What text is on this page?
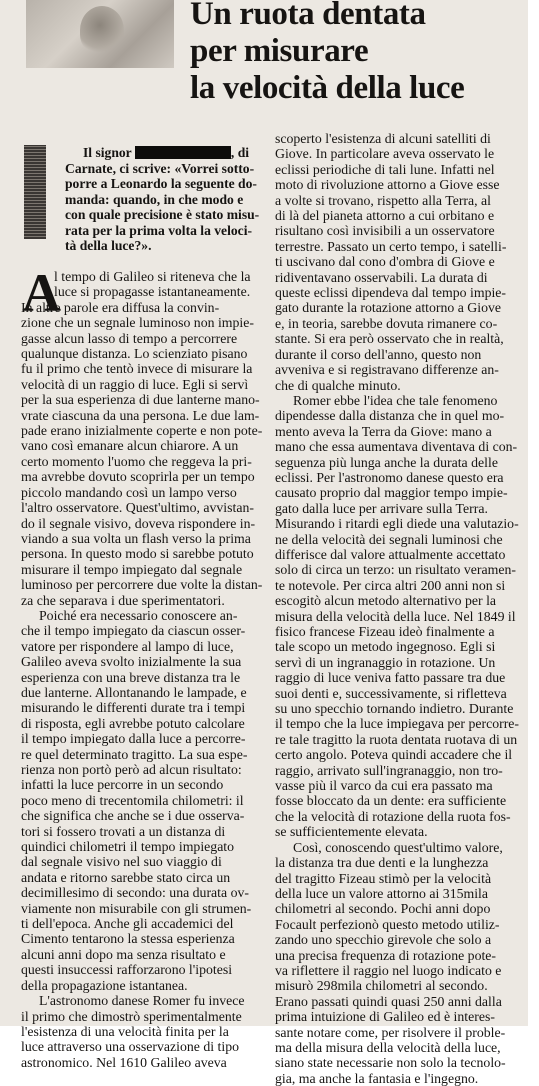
Un ruota dentata
per misurare
la velocità della luce
Il signor	, di
Carnate, ci scrive: «Vorrei sotto-
porre a Leonardo la seguente do-
manda: quando, in che modo e
con quale precisione è stato misu-
rata per la prima volta la veloci-
tà della luce?».
A
l tempo di Galileo si riteneva che la
luce si propagasse istantaneamente.
In altre parole era diffusa la convin-
zione che un segnale luminoso non impie-
gasse alcun lasso di tempo a percorrere
qualunque distanza. Lo scienziato pisano
fu il primo che tentò invece di misurare la
velocità di un raggio di luce. Egli si servì
per la sua esperienza di due lanterne mano-
vrate ciascuna da una persona. Le due lam-
pade erano inizialmente coperte e non pote-
vano così emanare alcun chiarore. A un
certo momento l'uomo che reggeva la pri-
ma avrebbe dovuto scoprirla per un tempo
piccolo mandando così un lampo verso
l'altro osservatore. Quest'ultimo, avvistan-
do il segnale visivo, doveva rispondere in-
viando a sua volta un flash verso la prima
persona. In questo modo si sarebbe potuto
misurare il tempo impiegato dal segnale
luminoso per percorrere due volte la distan-
za che separava i due sperimentatori.
Poiché era necessario conoscere an-
che il tempo impiegato da ciascun osser-
vatore per rispondere al lampo di luce,
Galileo aveva svolto inizialmente la sua
esperienza con una breve distanza tra le
due lanterne. Allontanando le lampade, e
misurando le differenti durate tra i tempi
di risposta, egli avrebbe potuto calcolare
il tempo impiegato dalla luce a percorre-
re quel determinato tragitto. La sua espe-
rienza non portò però ad alcun risultato:
infatti la luce percorre in un secondo
poco meno di trecentomila chilometri: il
che significa che anche se i due osserva-
tori si fossero trovati a un distanza di
quindici chilometri il tempo impiegato
dal segnale visivo nel suo viaggio di
andata e ritorno sarebbe stato circa un
decimillesimo di secondo: una durata ov-
viamente non misurabile con gli strumen-
ti dell'epoca. Anche gli accademici del
Cimento tentarono la stessa esperienza
alcuni anni dopo ma senza risultato e
questi insuccessi rafforzarono l'ipotesi
della propagazione istantanea.
L'astronomo danese Romer fu invece
il primo che dimostrò sperimentalmente
l'esistenza di una velocità finita per la
luce attraverso una osservazione di tipo
astronomico. Nel 1610 Galileo aveva
scoperto l'esistenza di alcuni satelliti di
Giove. In particolare aveva osservato le
eclissi periodiche di tali lune. Infatti nel
moto di rivoluzione attorno a Giove esse
a volte si trovano, rispetto alla Terra, al
di là del pianeta attorno a cui orbitano e
risultano così invisibili a un osservatore
terrestre. Passato un certo tempo, i satelli-
ti uscivano dal cono d'ombra di Giove e
ridiventavano osservabili. La durata di
queste eclissi dipendeva dal tempo impie-
gato durante la rotazione attorno a Giove
e, in teoria, sarebbe dovuta rimanere co-
stante. Si era però osservato che in realtà,
durante il corso dell'anno, questo non
avveniva e si registravano differenze an-
che di qualche minuto.
Romer ebbe l'idea che tale fenomeno
dipendesse dalla distanza che in quel mo-
mento aveva la Terra da Giove: mano a
mano che essa aumentava diventava di con-
seguenza più lunga anche la durata delle
eclissi. Per l'astronomo danese questo era
causato proprio dal maggior tempo impie-
gato dalla luce per arrivare sulla Terra.
Misurando i ritardi egli diede una valutazio-
ne della velocità dei segnali luminosi che
differisce dal valore attualmente accettato
solo di circa un terzo: un risultato veramen-
te notevole. Per circa altri 200 anni non si
escogitò alcun metodo alternativo per la
misura della velocità della luce. Nel 1849 il
fisico francese Fizeau ideò finalmente a
tale scopo un metodo ingegnoso. Egli si
servì di un ingranaggio in rotazione. Un
raggio di luce veniva fatto passare tra due
suoi denti e, successivamente, si rifletteva
su uno specchio tornando indietro. Durante
il tempo che la luce impiegava per percorre-
re tale tragitto la ruota dentata ruotava di un
certo angolo. Poteva quindi accadere che il
raggio, arrivato sull'ingranaggio, non tro-
vasse più il varco da cui era passato ma
fosse bloccato da un dente: era sufficiente
che la velocità di rotazione della ruota fos-
se sufficientemente elevata.
Così, conoscendo quest'ultimo valore,
la distanza tra due denti e la lunghezza
del tragitto Fizeau stimò per la velocità
della luce un valore attorno ai 315mila
chilometri al secondo. Pochi anni dopo
Focault perfezionò questo metodo utiliz-
zando uno specchio girevole che solo a
una precisa frequenza di rotazione pote-
va riflettere il raggio nel luogo indicato e
misurò 298mila chilometri al secondo.
Erano passati quindi quasi 250 anni dalla
prima intuizione di Galileo ed è interes-
sante notare come, per risolvere il proble-
ma della misura della velocità della luce,
siano state necessarie non solo la tecnolo-
gia, ma anche la fantasia e l'ingegno.
